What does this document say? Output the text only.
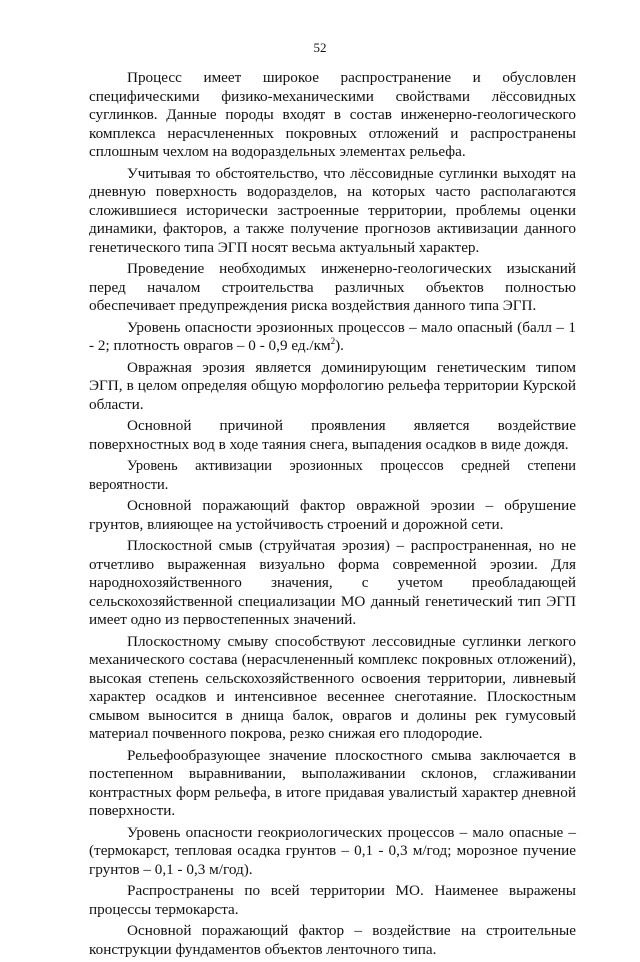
52

Процесс имеет широкое распространение и обусловлен специфическими физико-механическими свойствами лёссовидных суглинков. Данные породы входят в состав инженерно-геологического комплекса нерасчлененных покровных отложений и распространены сплошным чехлом на водораздельных элементах рельефа.

Учитывая то обстоятельство, что лёссовидные суглинки выходят на дневную поверхность водоразделов, на которых часто располагаются сложившиеся исторически застроенные территории, проблемы оценки динамики, факторов, а также получение прогнозов активизации данного генетического типа ЭГП носят весьма актуальный характер.

Проведение необходимых инженерно-геологических изысканий перед началом строительства различных объектов полностью обеспечивает предупреждения риска воздействия данного типа ЭГП.

Уровень опасности эрозионных процессов – мало опасный (балл – 1 - 2; плотность оврагов – 0 - 0,9 $ед./км^2$).

Овражная эрозия является доминирующим генетическим типом ЭГП, в целом определяя общую морфологию рельефа территории Курской области.

Основной причиной проявления является воздействие поверхностных вод в ходе таяния снега, выпадения осадков в виде дождя.

Уровень активизации эрозионных процессов средней степени вероятности.

Основной поражающий фактор овражной эрозии – обрушение грунтов, влияющее на устойчивость строений и дорожной сети.

Плоскостной смыв (струйчатая эрозия) – распространенная, но не отчетливо выраженная визуально форма современной эрозии. Для народнохозяйственного значения, с учетом преобладающей сельскохозяйственной специализации МО данный генетический тип ЭГП имеет одно из первостепенных значений.

Плоскостному смыву способствуют лессовидные суглинки легкого механического состава (нерасчлененный комплекс покровных отложений), высокая степень сельскохозяйственного освоения территории, ливневый характер осадков и интенсивное весеннее снеготаяние. Плоскостным смывом выносится в днища балок, оврагов и долины рек гумусовый материал почвенного покрова, резко снижая его плодородие.

Рельефообразующее значение плоскостного смыва заключается в постепенном выравнивании, выполаживании склонов, сглаживании контрастных форм рельефа, в итоге придавая увалистый характер дневной поверхности.

Уровень опасности геокриологических процессов – мало опасные – (термокарст, тепловая осадка грунтов – 0,1 - 0,3 м/год; морозное пучение грунтов – 0,1 - 0,3 м/год).

Распространены по всей территории МО. Наименее выражены процессы термокарста.

Основной поражающий фактор – воздействие на строительные конструкции фундаментов объектов ленточного типа.
